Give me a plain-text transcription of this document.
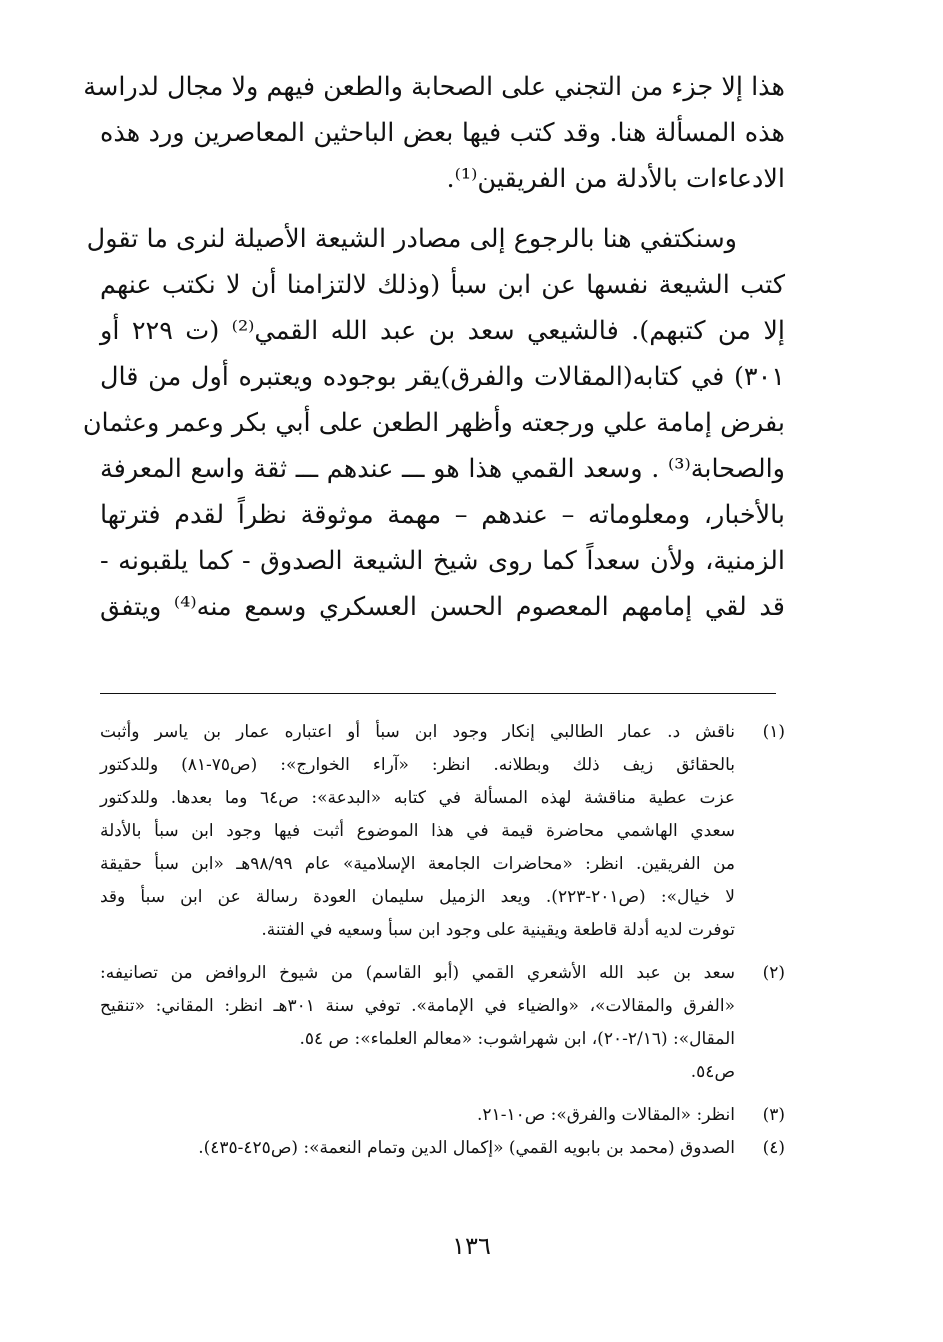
هذا إلا جزء من التجني على الصحابة والطعن فيهم ولا مجال لدراسة
هذه المسألة هنا. وقد كتب فيها بعض الباحثين المعاصرين ورد هذه
الادعاءات بالأدلة من الفريقين⁽¹⁾.
وسنكتفي هنا بالرجوع إلى مصادر الشيعة الأصيلة لنرى ما تقول
كتب الشيعة نفسها عن ابن سبأ (وذلك لالتزامنا أن لا نكتب عنهم
إلا من كتبهم). فالشيعي سعد بن عبد الله القمي⁽²⁾ (ت ٢٢٩ أو
٣٠١) في كتابه(المقالات والفرق)يقر بوجوده ويعتبره أول من قال
بفرض إمامة علي ورجعته وأظهر الطعن على أبي بكر وعمر وعثمان
والصحابة⁽³⁾ . وسعد القمي هذا هو ـــ عندهم ـــ ثقة واسع المعرفة
بالأخبار، ومعلوماته – عندهم – مهمة موثوقة نظراً لقدم فترتها
الزمنية، ولأن سعداً كما روى شيخ الشيعة الصدوق - كما يلقبونه -
قد لقي إمامهم المعصوم الحسن العسكري وسمع منه⁽⁴⁾ ويتفق
(١)
ناقش د. عمار الطالبي إنكار وجود ابن سبأ أو اعتباره عمار بن ياسر وأثبت
بالحقائق زيف ذلك وبطلانه. انظر: «آراء الخوارج»: (ص٧٥-٨١) وللدكتور
عزت عطية مناقشة لهذه المسألة في كتابه «البدعة»: ص٦٤ وما بعدها. وللدكتور
سعدي الهاشمي محاضرة قيمة في هذا الموضوع أثبت فيها وجود ابن سبأ بالأدلة
من الفريقين. انظر: «محاضرات الجامعة الإسلامية» عام ٩٨/٩٩هـ «ابن سبأ حقيقة
لا خيال»: (ص٢٠١-٢٢٣). ويعد الزميل سليمان العودة رسالة عن ابن سبأ وقد
توفرت لديه أدلة قاطعة ويقينية على وجود ابن سبأ وسعيه في الفتنة.
(٢)
سعد بن عبد الله الأشعري القمي (أبو القاسم) من شيوخ الروافض من تصانيفه:
«الفرق والمقالات»، «والضياء في الإمامة». توفي سنة ٣٠١هـ انظر: المقاني: «تنقيح
المقال»: (٢/١٦-٢٠)، ابن شهراشوب: «معالم العلماء»: ص ٥٤.
ص٥٤.
(٣)
انظر: «المقالات والفرق»: ص١٠-٢١.
(٤)
الصدوق (محمد بن بابويه القمي) «إكمال الدين وتمام النعمة»: (ص٤٢٥-٤٣٥).
١٣٦
